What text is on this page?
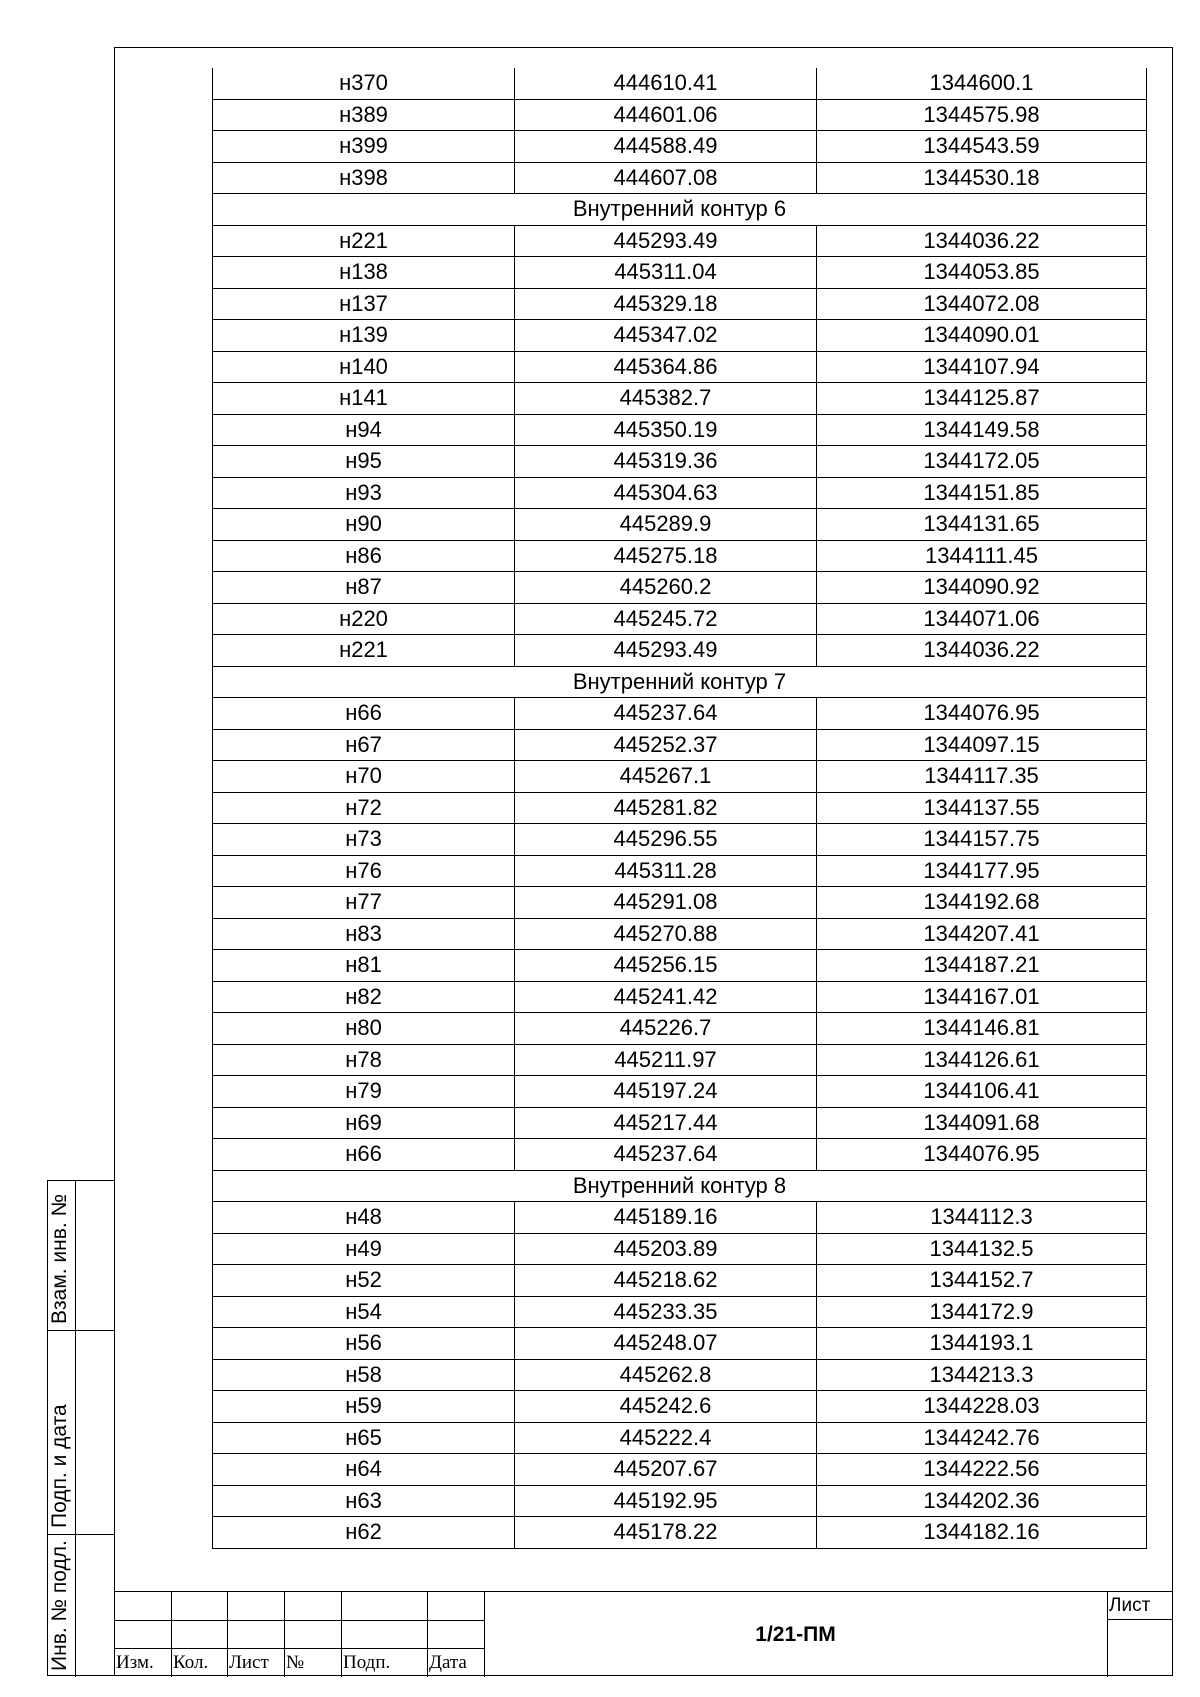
Взам. инв. №
Подп. и дата
Инв. № подл.
н370	444610.41	1344600.1
н389	444601.06	1344575.98
н399	444588.49	1344543.59
н398	444607.08	1344530.18
Внутренний контур 6		
н221	445293.49	1344036.22
н138	445311.04	1344053.85
н137	445329.18	1344072.08
н139	445347.02	1344090.01
н140	445364.86	1344107.94
н141	445382.7	1344125.87
н94	445350.19	1344149.58
н95	445319.36	1344172.05
н93	445304.63	1344151.85
н90	445289.9	1344131.65
н86	445275.18	1344111.45
н87	445260.2	1344090.92
н220	445245.72	1344071.06
н221	445293.49	1344036.22
Внутренний контур 7		
н66	445237.64	1344076.95
н67	445252.37	1344097.15
н70	445267.1	1344117.35
н72	445281.82	1344137.55
н73	445296.55	1344157.75
н76	445311.28	1344177.95
н77	445291.08	1344192.68
н83	445270.88	1344207.41
н81	445256.15	1344187.21
н82	445241.42	1344167.01
н80	445226.7	1344146.81
н78	445211.97	1344126.61
н79	445197.24	1344106.41
н69	445217.44	1344091.68
н66	445237.64	1344076.95
Внутренний контур 8		
н48	445189.16	1344112.3
н49	445203.89	1344132.5
н52	445218.62	1344152.7
н54	445233.35	1344172.9
н56	445248.07	1344193.1
н58	445262.8	1344213.3
н59	445242.6	1344228.03
н65	445222.4	1344242.76
н64	445207.67	1344222.56
н63	445192.95	1344202.36
н62	445178.22	1344182.16
Изм. Кол. Лист № Подп. Дата
1/21-ПМ
Лист
